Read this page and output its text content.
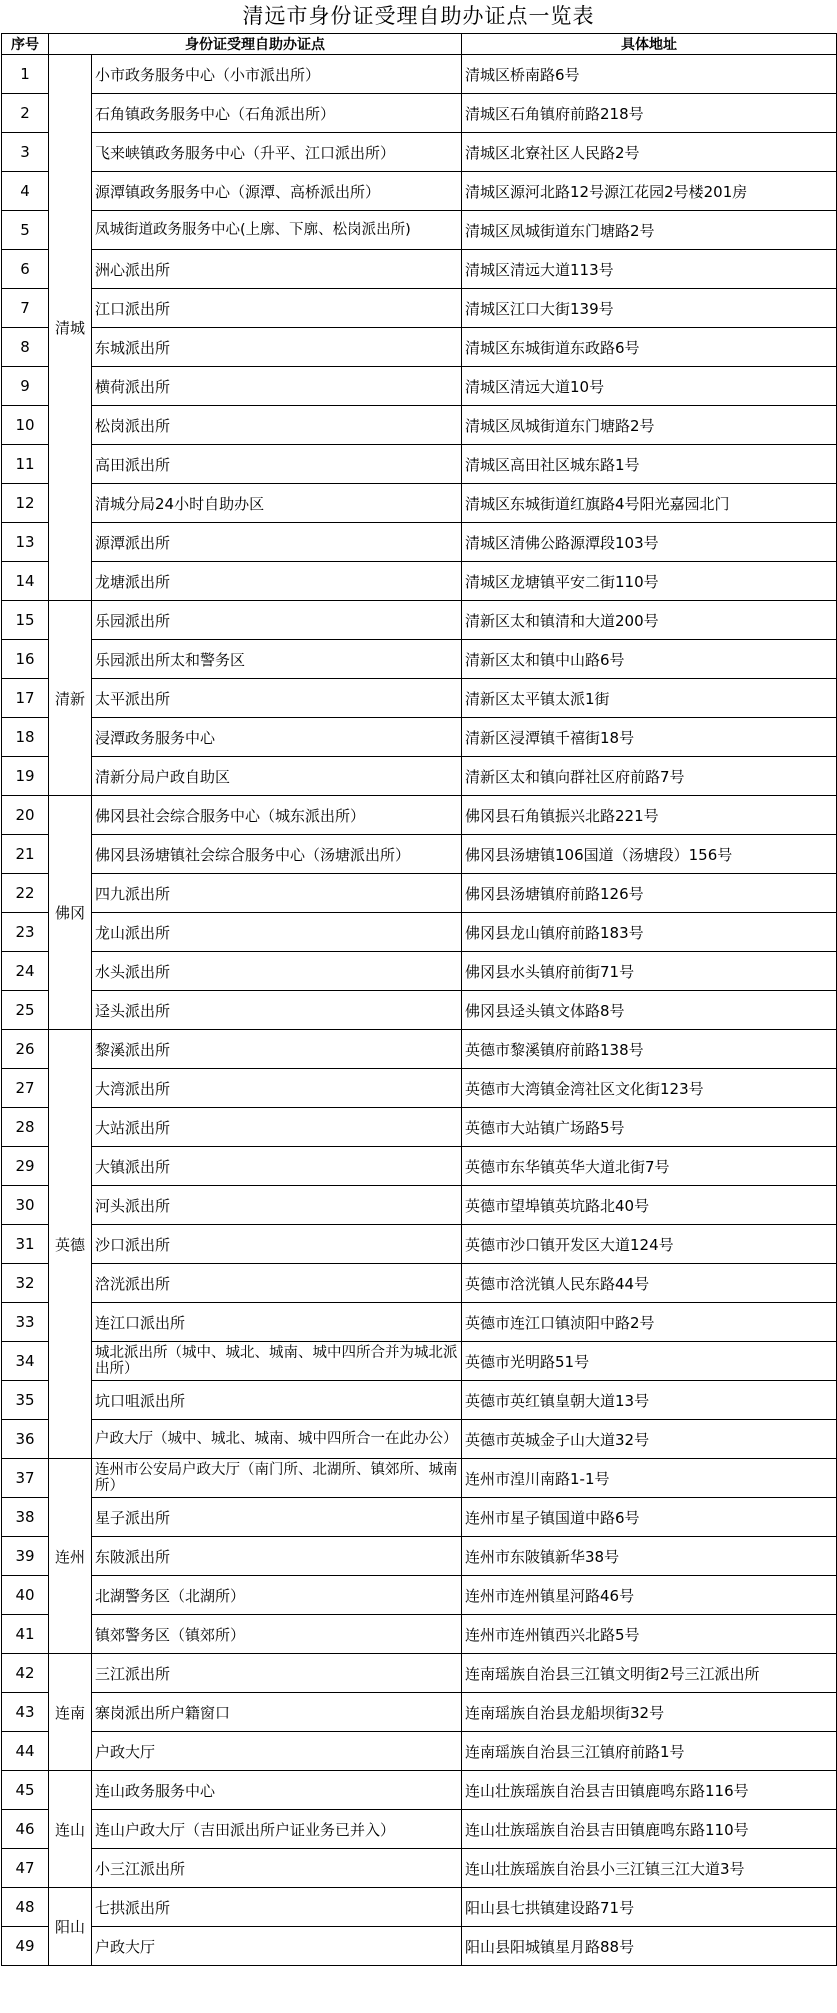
清远市身份证受理自助办证点一览表
序号	身份证受理自助办证点		具体地址
1	清城	小市政务服务中心（小市派出所）	清城区桥南路6号
2		石角镇政务服务中心（石角派出所）	清城区石角镇府前路218号
3		飞来峡镇政务服务中心（升平、江口派出所）	清城区北寮社区人民路2号
4		源潭镇政务服务中心（源潭、高桥派出所）	清城区源河北路12号源江花园2号楼201房
5		凤城街道政务服务中心(上廓、下廓、松岗派出所)	清城区凤城街道东门塘路2号
6		洲心派出所	清城区清远大道113号
7		江口派出所	清城区江口大街139号
8		东城派出所	清城区东城街道东政路6号
9		横荷派出所	清城区清远大道10号
10		松岗派出所	清城区凤城街道东门塘路2号
11		高田派出所	清城区高田社区城东路1号
12		清城分局24小时自助办区	清城区东城街道红旗路4号阳光嘉园北门
13		源潭派出所	清城区清佛公路源潭段103号
14		龙塘派出所	清城区龙塘镇平安二街110号
15	清新	乐园派出所	清新区太和镇清和大道200号
16		乐园派出所太和警务区	清新区太和镇中山路6号
17		太平派出所	清新区太平镇太派1街
18		浸潭政务服务中心	清新区浸潭镇千禧街18号
19		清新分局户政自助区	清新区太和镇向群社区府前路7号
20	佛冈	佛冈县社会综合服务中心（城东派出所）	佛冈县石角镇振兴北路221号
21		佛冈县汤塘镇社会综合服务中心（汤塘派出所）	佛冈县汤塘镇106国道（汤塘段）156号
22		四九派出所	佛冈县汤塘镇府前路126号
23		龙山派出所	佛冈县龙山镇府前路183号
24		水头派出所	佛冈县水头镇府前街71号
25		迳头派出所	佛冈县迳头镇文体路8号
26	英德	黎溪派出所	英德市黎溪镇府前路138号
27		大湾派出所	英德市大湾镇金湾社区文化街123号
28		大站派出所	英德市大站镇广场路5号
29		大镇派出所	英德市东华镇英华大道北街7号
30		河头派出所	英德市望埠镇英坑路北40号
31		沙口派出所	英德市沙口镇开发区大道124号
32		浛洸派出所	英德市浛洸镇人民东路44号
33		连江口派出所	英德市连江口镇浈阳中路2号
34		城北派出所（城中、城北、城南、城中四所合并为城北派出所）	英德市光明路51号
35		坑口咀派出所	英德市英红镇皇朝大道13号
36		户政大厅（城中、城北、城南、城中四所合一在此办公）	英德市英城金子山大道32号
37	连州	连州市公安局户政大厅（南门所、北湖所、镇郊所、城南所）	连州市湟川南路1-1号
38		星子派出所	连州市星子镇国道中路6号
39		东陂派出所	连州市东陂镇新华38号
40		北湖警务区（北湖所）	连州市连州镇星河路46号
41		镇郊警务区（镇郊所）	连州市连州镇西兴北路5号
42	连南	三江派出所	连南瑶族自治县三江镇文明街2号三江派出所
43		寨岗派出所户籍窗口	连南瑶族自治县龙船坝街32号
44		户政大厅	连南瑶族自治县三江镇府前路1号
45	连山	连山政务服务中心	连山壮族瑶族自治县吉田镇鹿鸣东路116号
46		连山户政大厅（吉田派出所户证业务已并入）	连山壮族瑶族自治县吉田镇鹿鸣东路110号
47		小三江派出所	连山壮族瑶族自治县小三江镇三江大道3号
48	阳山	七拱派出所	阳山县七拱镇建设路71号
49		户政大厅	阳山县阳城镇星月路88号
